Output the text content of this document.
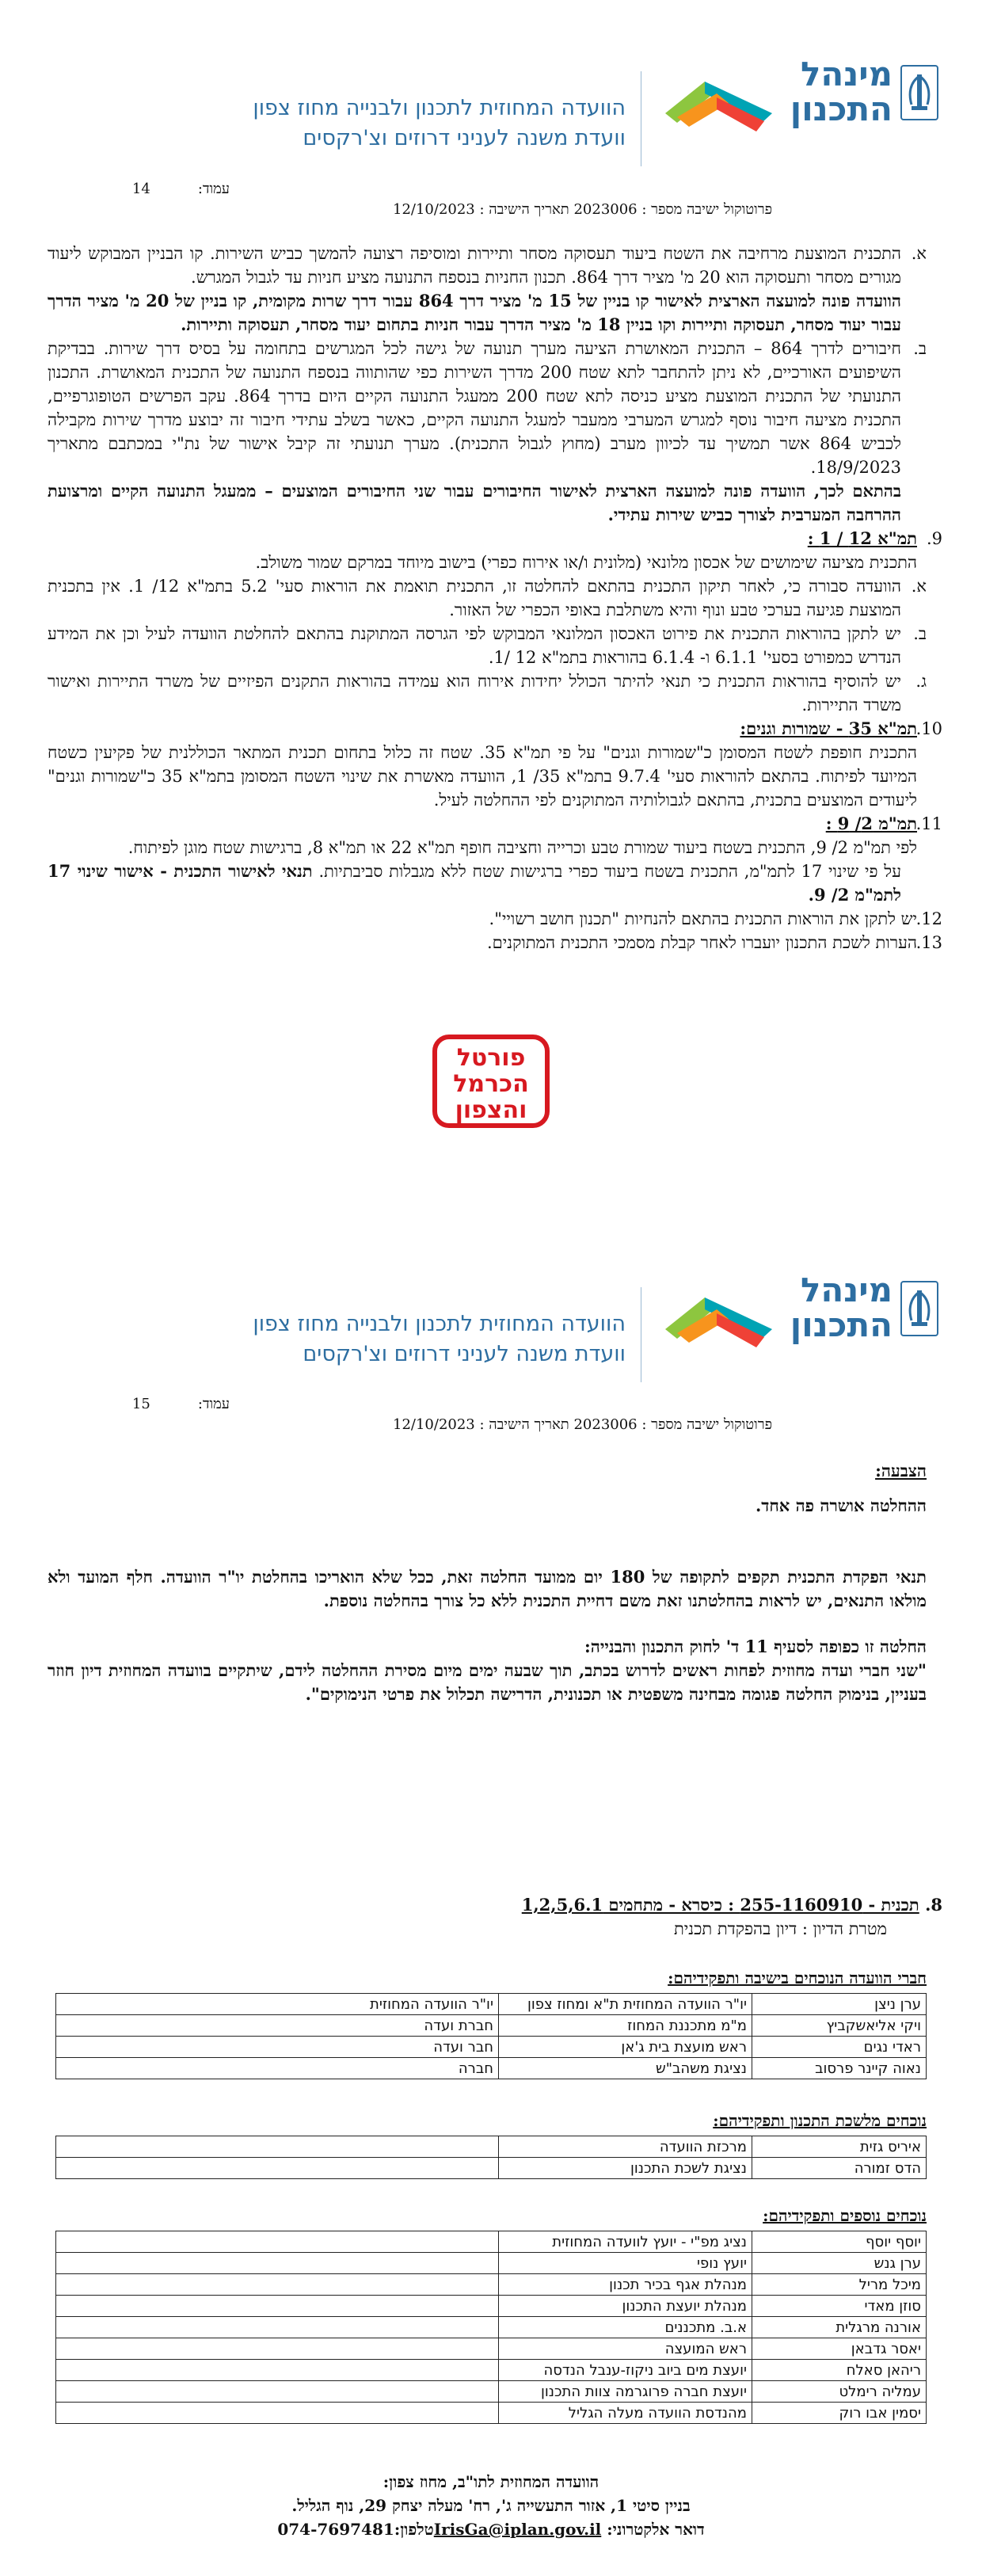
מינהל
התכנון
הוועדה המחוזית לתכנון ולבנייה מחוז צפון
וועדת משנה לעניני דרוזים וצ'רקסים
עמוד:14
פרוטוקול ישיבה מספר : 2023006 תאריך הישיבה : 12/10/2023
א.
התכנית המוצעת מרחיבה את השטח ביעוד תעסוקה מסחר ותיירות ומוסיפה רצועה להמשך כביש השירות. קו הבניין המבוקש ליעוד מגורים מסחר ותעסוקה הוא 20 מ' מציר דרך 864. תכנון החניות בנספח התנועה מציע חניות עד לגבול המגרש.
הוועדה פונה למועצה הארצית לאישור קו בניין של 15 מ' מציר דרך 864 עבור דרך שרות מקומית, קו בניין של 20 מ' מציר הדרך עבור יעוד מסחר, תעסוקה ותיירות וקו בניין 18 מ' מציר הדרך עבור חניות בתחום יעוד מסחר, תעסוקה ותיירות.
ב.
חיבורים לדרך 864 – התכנית המאושרת הציעה מערך תנועה של גישה לכל המגרשים בתחומה על בסיס דרך שירות. בבדיקת השיפועים האורכיים, לא ניתן להתחבר לתא שטח 200 מדרך השירות כפי שהותווה בנספח התנועה של התכנית המאושרת. התכנון התנועתי של התכנית המוצעת מציע כניסה לתא שטח 200 ממעגל התנועה הקיים היום בדרך 864. עקב הפרשים הטופוגרפיים, התכנית מציעה חיבור נוסף למגרש המערבי ממעבר למעגל התנועה הקיים, כאשר בשלב עתידי חיבור זה יבוצע מדרך שירות מקבילה לכביש 864 אשר תמשיך עד לכיוון מערב (מחוץ לגבול התכנית). מערך תנועתי זה קיבל אישור של נת"י במכתבם מתאריך 18/9/2023.
בהתאם לכך, הוועדה פונה למועצה הארצית לאישור החיבורים עבור שני החיבורים המוצעים – ממעגל התנועה הקיים ומרצועת ההרחבה המערבית לצורך כביש שירות עתידי.
9.
תמ"א 12 / 1 :
התכנית מציעה שימושים של אכסון מלונאי (מלונית ו/או אירוח כפרי) בישוב מיוחד במרקם שמור משולב.
א.
הוועדה סבורה כי, לאחר תיקון התכנית בהתאם להחלטה זו, התכנית תואמת את הוראות סעי' 5.2 בתמ"א 12/ 1. אין בתכנית המוצעת פגיעה בערכי טבע ונוף והיא משתלבת באופי הכפרי של האזור.
ב.
יש לתקן בהוראות התכנית את פירוט האכסון המלונאי המבוקש לפי הגרסה המתוקנת בהתאם להחלטת הוועדה לעיל וכן את המידע הנדרש כמפורט בסעי' 6.1.1 ו- 6.1.4 בהוראות בתמ"א 12 /1.
ג.
יש להוסיף בהוראות התכנית כי תנאי להיתר הכולל יחידות אירוח הוא עמידה בהוראות התקנים הפיזיים של משרד התיירות ואישור משרד התיירות.
10.
תמ"א 35 - שמורות וגנים:
התכנית חופפת לשטח המסומן כ"שמורות וגנים" על פי תמ"א 35. שטח זה כלול בתחום תכנית המתאר הכוללנית של פקיעין כשטח המיועד לפיתוח. בהתאם להוראות סעי' 9.7.4 בתמ"א 35/ 1, הוועדה מאשרת את שינוי השטח המסומן בתמ"א 35 כ"שמורות וגנים" ליעודים המוצעים בתכנית, בהתאם לגבולותיה המתוקנים לפי ההחלטה לעיל.
11.
תמ"מ 2/ 9 :
לפי תמ"מ 2/ 9, התכנית בשטח ביעוד שמורת טבע וכרייה וחציבה חופף תמ"א 22 או תמ"א 8, ברגישות שטח מוגן לפיתוח.
על פי שינוי 17 לתמ"מ, התכנית בשטח ביעוד כפרי ברגישות שטח ללא מגבלות סביבתיות. תנאי לאישור התכנית - אישור שינוי 17 לתמ"מ 2/ 9.
12.
יש לתקן את הוראות התכנית בהתאם להנחיות "תכנון חושב רשויי".
13.
הערות לשכת התכנון יועברו לאחר קבלת מסמכי התכנית המתוקנים.
פורטל
הכרמל
והצפון
מינהל
התכנון
הוועדה המחוזית לתכנון ולבנייה מחוז צפון
וועדת משנה לעניני דרוזים וצ'רקסים
עמוד:15
פרוטוקול ישיבה מספר : 2023006 תאריך הישיבה : 12/10/2023
הצבעה:
ההחלטה אושרה פה אחד.
תנאי הפקדת התכנית תקפים לתקופה של 180 יום ממועד החלטה זאת, ככל שלא הואריכו בהחלטת יו"ר הוועדה. חלף המועד ולא מולאו התנאים, יש לראות בהחלטתנו זאת משם דחיית התכנית ללא כל צורך בהחלטה נוספת.
החלטה זו כפופה לסעיף 11 ד' לחוק התכנון והבנייה:
"שני חברי ועדה מחוזית לפחות ראשים לדרוש בכתב, תוך שבעה ימים מיום מסירת ההחלטה לידם, שיתקיים בוועדה המחוזית דיון חוזר בעניין, בנימוק החלטה פגומה מבחינה משפטית או תכנונית, הדרישה תכלול את פרטי הנימוקים".
8. תכנית - 255-1160910 : כיסרא - מתחמים 1,2,5,6.1
מטרת הדיון : דיון בהפקדת תכנית
חברי הוועדה הנוכחים בישיבה ותפקידיהם:
ערן ניצן	יו"ר הוועדה המחוזית ת"א ומחוז צפון	יו"ר הוועדה המחוזית
ויקי אליאשקביץ	מ"מ מתכננת המחוז	חברת ועדה
ראדי נגים	ראש מועצת בית ג'אן	חבר ועדה
נאוה קיינר פרסוב	נציגת משהב"ש	חברה
נוכחים מלשכת התכנון ותפקידיהם:
איריס גזית	מרכזת הוועדה	
הדס זמורה	נציגת לשכת התכנון	
נוכחים נוספים ותפקידיהם:
יוסף יוסף	נציג מפ"י - יועץ לוועדה המחוזית	
ערן גנש	יועץ נופי	
מיכל מריל	מנהלת אגף בכיר תכנון	
סוזן מאדי	מנהלת יועצת התכנון	
אורנה מרגלית	א.ב. מתכננים	
יאסר גדבאן	ראש המועצה	
ריהאן סאלח	יועצת מים ביוב ניקוז-ענבל הנדסה	
עמליה רימלט	יועצת חברה פרוגרמה צוות התכנון	
יסמין אבו רוק	מהנדסת הוועדה מעלה הגליל	
הוועדה המחוזית לתו"ב, מחוז צפון:
בניין סיטי 1, אזור התעשייה ג', רח' מעלה יצחק 29, נוף הגליל.
דואר אלקטרוני: IrisGa@iplan.gov.ilטלפון:074-7697481
